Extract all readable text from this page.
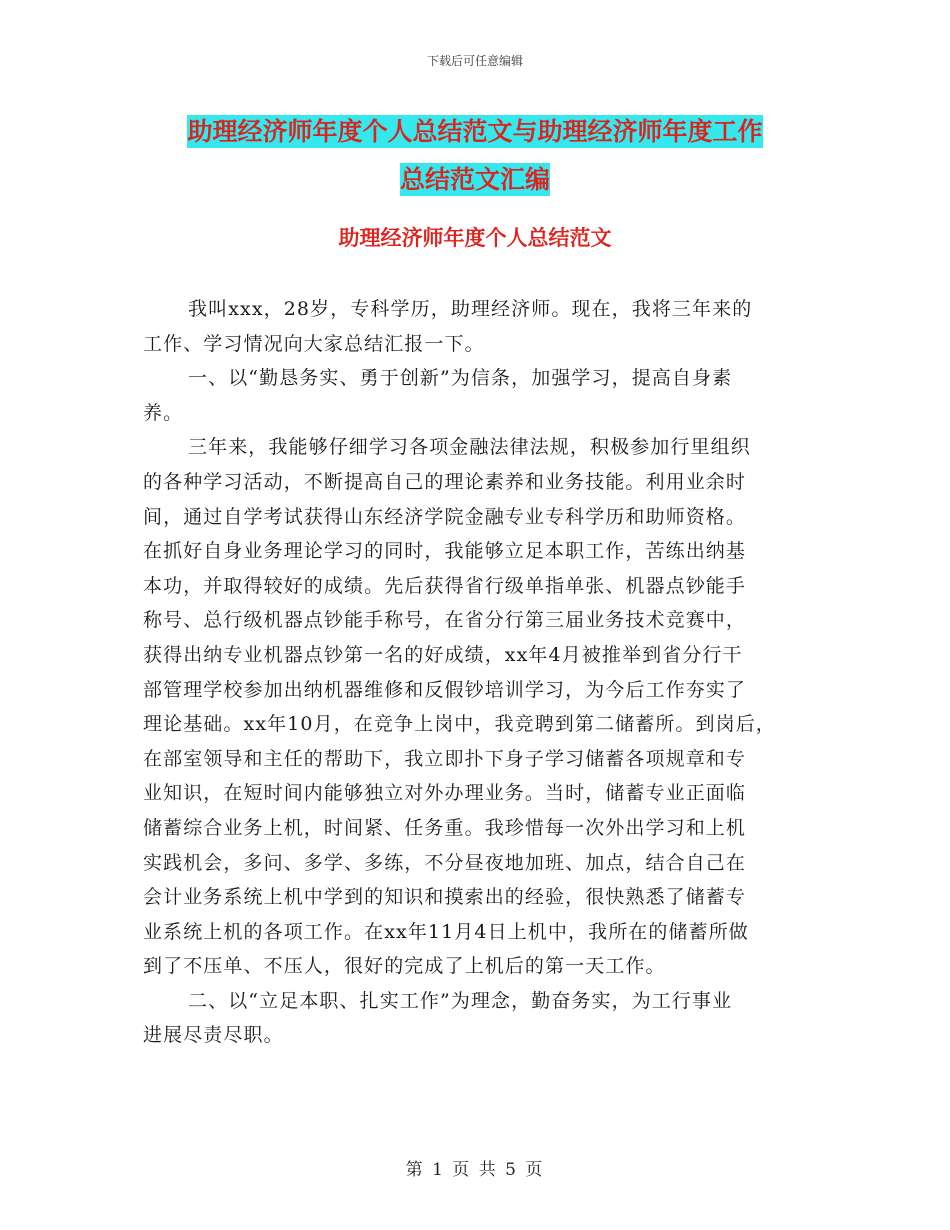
下载后可任意编辑
助理经济师年度个人总结范文与助理经济师年度工作
总结范文汇编
助理经济师年度个人总结范文
我叫xxx，28岁，专科学历，助理经济师。现在，我将三年来的
工作、学习情况向大家总结汇报一下。
一、以“勤恳务实、勇于创新”为信条，加强学习，提高自身素
养。
三年来，我能够仔细学习各项金融法律法规，积极参加行里组织
的各种学习活动，不断提高自己的理论素养和业务技能。利用业余时
间，通过自学考试获得山东经济学院金融专业专科学历和助师资格。
在抓好自身业务理论学习的同时，我能够立足本职工作，苦练出纳基
本功，并取得较好的成绩。先后获得省行级单指单张、机器点钞能手
称号、总行级机器点钞能手称号，在省分行第三届业务技术竞赛中，
获得出纳专业机器点钞第一名的好成绩，xx年4月被推举到省分行干
部管理学校参加出纳机器维修和反假钞培训学习，为今后工作夯实了
理论基础。xx年10月，在竞争上岗中，我竞聘到第二储蓄所。到岗后，
在部室领导和主任的帮助下，我立即扑下身子学习储蓄各项规章和专
业知识，在短时间内能够独立对外办理业务。当时，储蓄专业正面临
储蓄综合业务上机，时间紧、任务重。我珍惜每一次外出学习和上机
实践机会，多问、多学、多练，不分昼夜地加班、加点，结合自己在
会计业务系统上机中学到的知识和摸索出的经验，很快熟悉了储蓄专
业系统上机的各项工作。在xx年11月4日上机中，我所在的储蓄所做
到了不压单、不压人，很好的完成了上机后的第一天工作。
二、以“立足本职、扎实工作”为理念，勤奋务实，为工行事业
进展尽责尽职。
第 1 页 共 5 页
